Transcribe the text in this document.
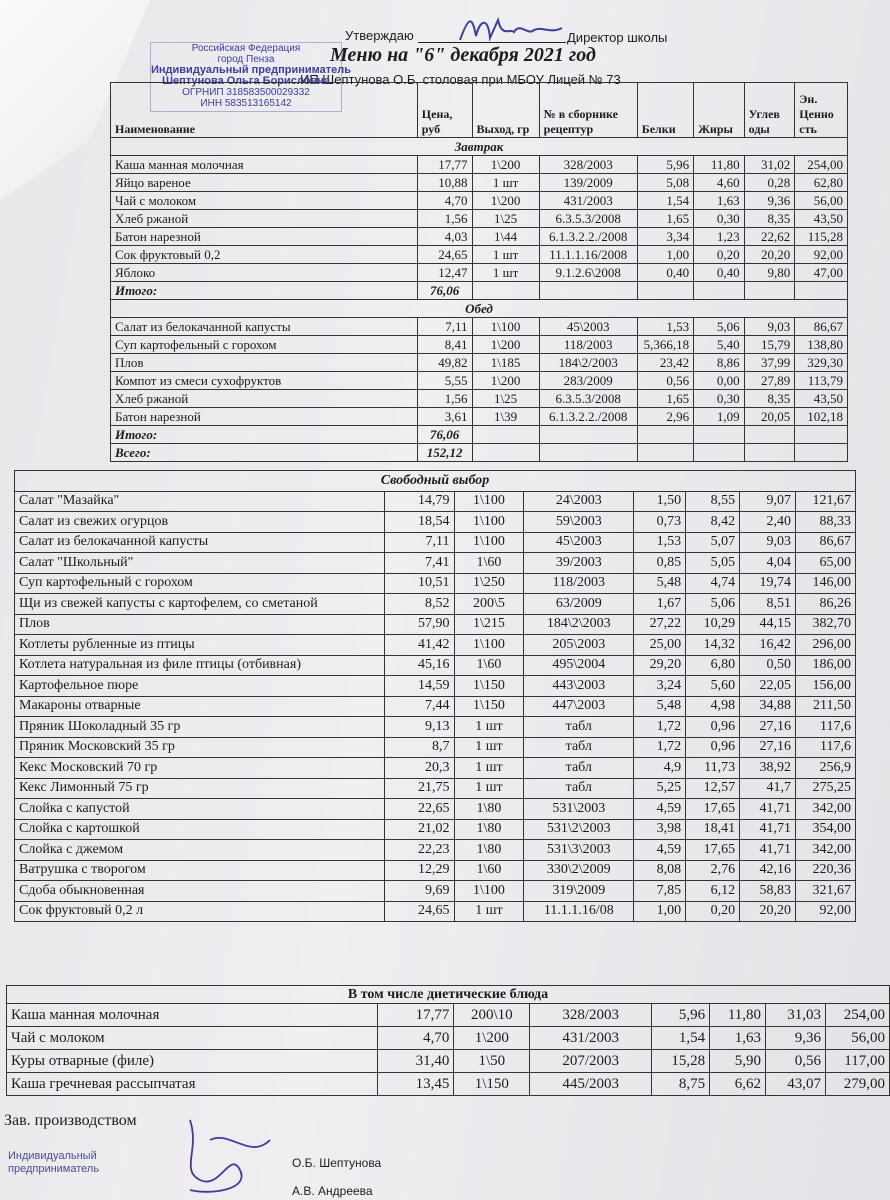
Утверждаю	Директор школы
Меню на "6" декабря 2021 год
ИП Шептунова О.Б. столовая при МБОУ Лицей № 73
Российская Федерация
город Пенза
Индивидуальный предприниматель
Шептунова Ольга Борисловна
ОГРНИП 318583500029332
ИНН 583513165142
Наименование	Цена, руб	Выход, гр	№ в сборнике рецептур	Белки	Жиры	Углев оды	Эн. Ценно сть
Завтрак							
Каша манная молочная	17,77	1\200	328/2003	5,96	11,80	31,02	254,00
Яйцо вареное	10,88	1 шт	139/2009	5,08	4,60	0,28	62,80
Чай с молоком	4,70	1\200	431/2003	1,54	1,63	9,36	56,00
Хлеб ржаной	1,56	1\25	6.3.5.3/2008	1,65	0,30	8,35	43,50
Батон нарезной	4,03	1\44	6.1.3.2.2./2008	3,34	1,23	22,62	115,28
Сок фруктовый 0,2	24,65	1 шт	11.1.1.16/2008	1,00	0,20	20,20	92,00
Яблоко	12,47	1 шт	9.1.2.6\2008	0,40	0,40	9,80	47,00
Итого:	76,06						
Обед							
Салат из белокачанной капусты	7,11	1\100	45\2003	1,53	5,06	9,03	86,67
Суп картофельный с горохом	8,41	1\200	118/2003	5,366,18	5,40	15,79	138,80
Плов	49,82	1\185	184\2/2003	23,42	8,86	37,99	329,30
Компот из смеси сухофруктов	5,55	1\200	283/2009	0,56	0,00	27,89	113,79
Хлеб ржаной	1,56	1\25	6.3.5.3/2008	1,65	0,30	8,35	43,50
Батон нарезной	3,61	1\39	6.1.3.2.2./2008	2,96	1,09	20,05	102,18
Итого:	76,06						
Всего:	152,12						
Свободный выбор							
Салат "Мазайка"	14,79	1\100	24\2003	1,50	8,55	9,07	121,67
Салат из свежих огурцов	18,54	1\100	59\2003	0,73	8,42	2,40	88,33
Салат из белокачанной капусты	7,11	1\100	45\2003	1,53	5,07	9,03	86,67
Салат "Школьный"	7,41	1\60	39/2003	0,85	5,05	4,04	65,00
Суп картофельный с горохом	10,51	1\250	118/2003	5,48	4,74	19,74	146,00
Щи из свежей капусты с картофелем, со сметаной	8,52	200\5	63/2009	1,67	5,06	8,51	86,26
Плов	57,90	1\215	184\2\2003	27,22	10,29	44,15	382,70
Котлеты рубленные из птицы	41,42	1\100	205\2003	25,00	14,32	16,42	296,00
Котлета натуральная из филе птицы (отбивная)	45,16	1\60	495\2004	29,20	6,80	0,50	186,00
Картофельное пюре	14,59	1\150	443\2003	3,24	5,60	22,05	156,00
Макароны отварные	7,44	1\150	447\2003	5,48	4,98	34,88	211,50
Пряник Шоколадный 35 гр	9,13	1 шт	табл	1,72	0,96	27,16	117,6
Пряник Московский 35 гр	8,7	1 шт	табл	1,72	0,96	27,16	117,6
Кекс Московский 70 гр	20,3	1 шт	табл	4,9	11,73	38,92	256,9
Кекс Лимонный 75 гр	21,75	1 шт	табл	5,25	12,57	41,7	275,25
Слойка с капустой	22,65	1\80	531\2003	4,59	17,65	41,71	342,00
Слойка с картошкой	21,02	1\80	531\2\2003	3,98	18,41	41,71	354,00
Слойка с джемом	22,23	1\80	531\3\2003	4,59	17,65	41,71	342,00
Ватрушка с творогом	12,29	1\60	330\2\2009	8,08	2,76	42,16	220,36
Сдоба обыкновенная	9,69	1\100	319\2009	7,85	6,12	58,83	321,67
Сок фруктовый 0,2 л	24,65	1 шт	11.1.1.16/08	1,00	0,20	20,20	92,00
В том числе диетические блюда							
Каша манная молочная	17,77	200\10	328/2003	5,96	11,80	31,03	254,00
Чай с молоком	4,70	1\200	431/2003	1,54	1,63	9,36	56,00
Куры отварные (филе)	31,40	1\50	207/2003	15,28	5,90	0,56	117,00
Каша гречневая рассыпчатая	13,45	1\150	445/2003	8,75	6,62	43,07	279,00
Зав. производством
Индивидуальный предприниматель	О.Б. Шептунова
А.В. Андреева
